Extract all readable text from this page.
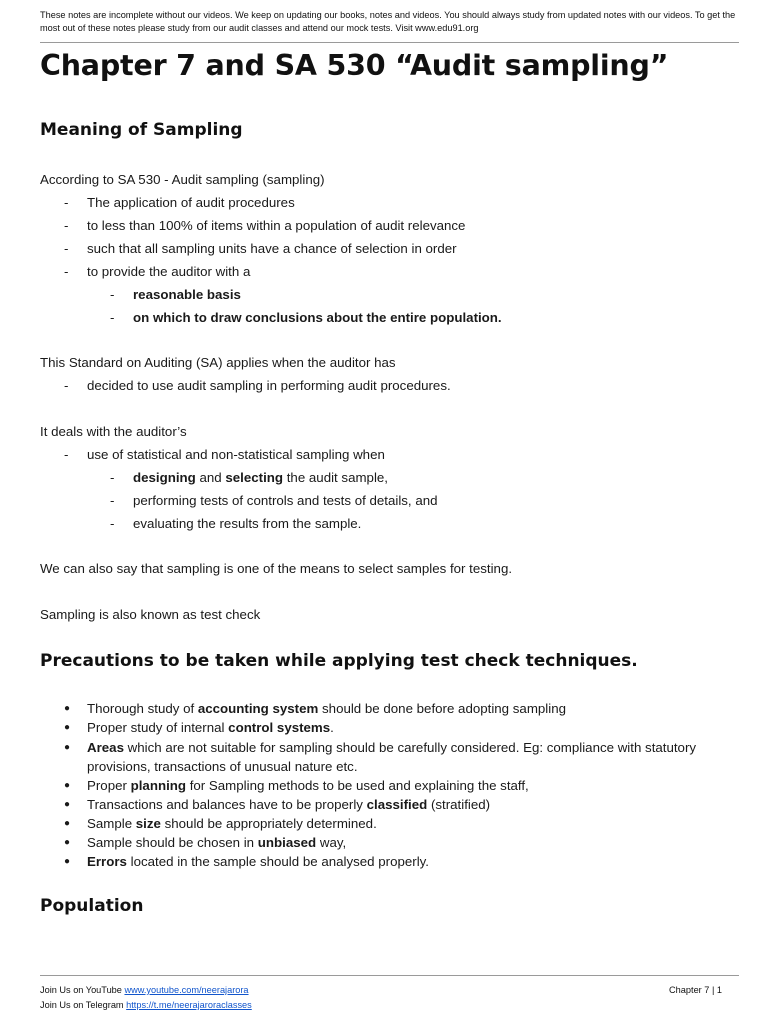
These notes are incomplete without our videos. We keep on updating our books, notes and videos. You should always study from updated notes with our videos. To get the most out of these notes please study from our audit classes and attend our mock tests. Visit www.edu91.org
Chapter 7 and SA 530 “Audit sampling”
Meaning of Sampling
According to SA 530 - Audit sampling (sampling)
- The application of audit procedures
- to less than 100% of items within a population of audit relevance
- such that all sampling units have a chance of selection in order
- to provide the auditor with a
- reasonable basis
- on which to draw conclusions about the entire population.
This Standard on Auditing (SA) applies when the auditor has
- decided to use audit sampling in performing audit procedures.
It deals with the auditor’s
- use of statistical and non-statistical sampling when
- designing and selecting the audit sample,
- performing tests of controls and tests of details, and
- evaluating the results from the sample.
We can also say that sampling is one of the means to select samples for testing.
Sampling is also known as test check
Precautions to be taken while applying test check techniques.
● Thorough study of accounting system should be done before adopting sampling
● Proper study of internal control systems.
● Areas which are not suitable for sampling should be carefully considered. Eg: compliance with statutory provisions, transactions of unusual nature etc.
● Proper planning for Sampling methods to be used and explaining the staff,
● Transactions and balances have to be properly classified (stratified)
● Sample size should be appropriately determined.
● Sample should be chosen in unbiased way,
● Errors located in the sample should be analysed properly.
Population
Join Us on YouTube www.youtube.com/neerajarora
Join Us on Telegram https://t.me/neerajaroraclasses
Chapter 7 | 1
